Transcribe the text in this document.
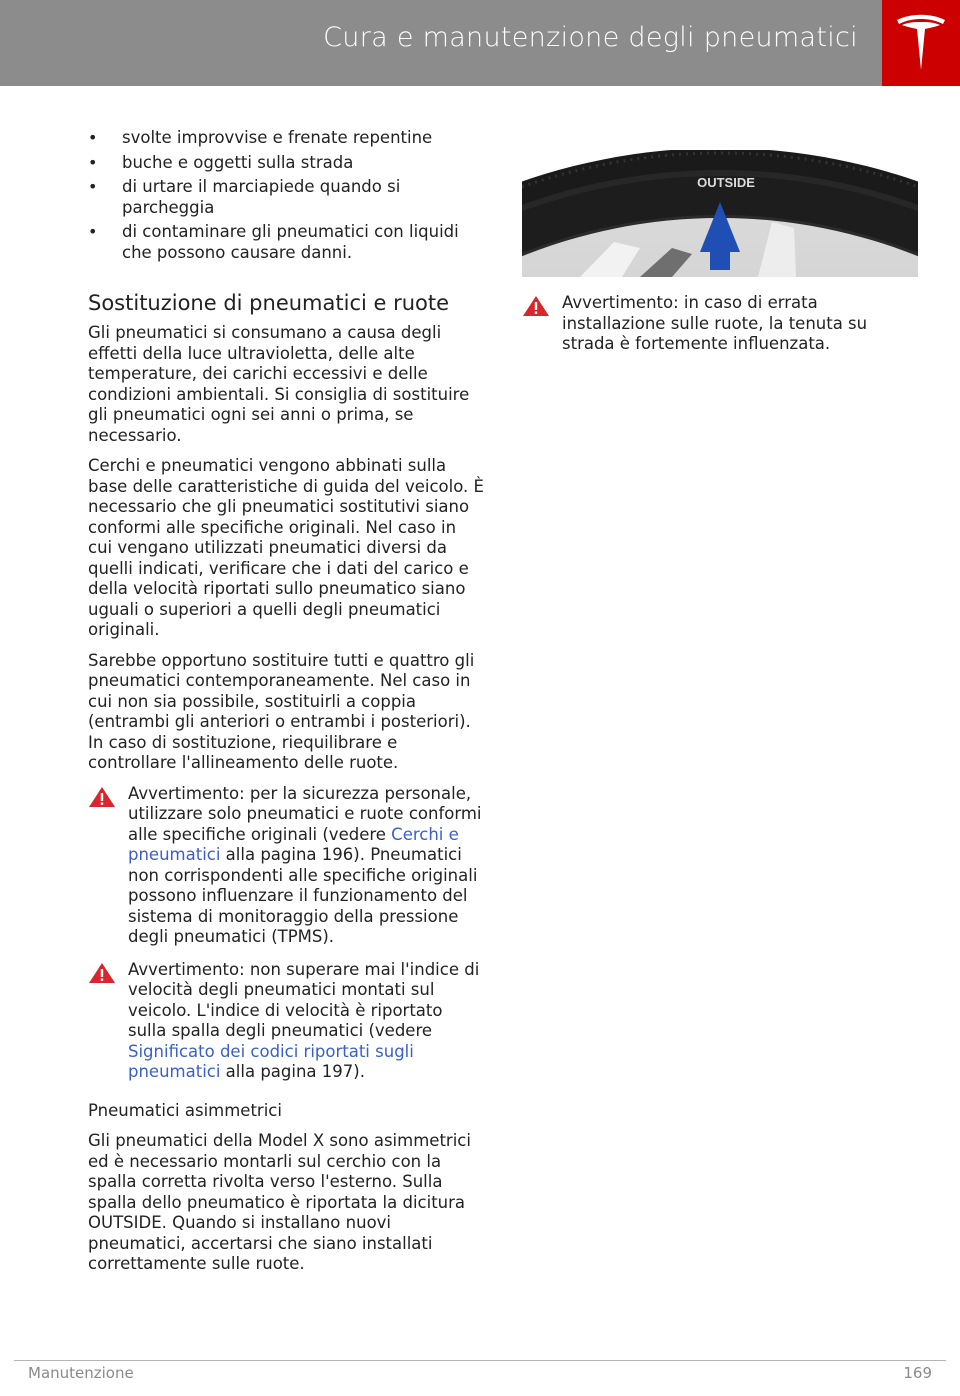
Cura e manutenzione degli pneumatici
• svolte improvvise e frenate repentine
• buche e oggetti sulla strada
• di urtare il marciapiede quando si parcheggia
• di contaminare gli pneumatici con liquidi che possono causare danni.
Sostituzione di pneumatici e ruote

Gli pneumatici si consumano a causa degli effetti della luce ultravioletta, delle alte temperature, dei carichi eccessivi e delle condizioni ambientali. Si consiglia di sostituire gli pneumatici ogni sei anni o prima, se necessario.

Cerchi e pneumatici vengono abbinati sulla base delle caratteristiche di guida del veicolo. È necessario che gli pneumatici sostitutivi siano conformi alle specifiche originali. Nel caso in cui vengano utilizzati pneumatici diversi da quelli indicati, verificare che i dati del carico e della velocità riportati sullo pneumatico siano uguali o superiori a quelli degli pneumatici originali.

Sarebbe opportuno sostituire tutti e quattro gli pneumatici contemporaneamente. Nel caso in cui non sia possibile, sostituirli a coppia (entrambi gli anteriori o entrambi i posteriori). In caso di sostituzione, riequilibrare e controllare l'allineamento delle ruote.

Avvertimento: per la sicurezza personale, utilizzare solo pneumatici e ruote conformi alle specifiche originali (vedere Cerchi e pneumatici alla pagina 196). Pneumatici non corrispondenti alle specifiche originali possono influenzare il funzionamento del sistema di monitoraggio della pressione degli pneumatici (TPMS).
Avvertimento: non superare mai l'indice di velocità degli pneumatici montati sul veicolo. L'indice di velocità è riportato sulla spalla degli pneumatici (vedere Significato dei codici riportati sugli pneumatici alla pagina 197).

Pneumatici asimmetrici

Gli pneumatici della Model X sono asimmetrici ed è necessario montarli sul cerchio con la spalla corretta rivolta verso l'esterno. Sulla spalla dello pneumatico è riportata la dicitura OUTSIDE. Quando si installano nuovi pneumatici, accertarsi che siano installati correttamente sulle ruote.

OUTSIDE
Avvertimento: in caso di errata installazione sulle ruote, la tenuta su strada è fortemente influenzata.
Manutenzione	169
